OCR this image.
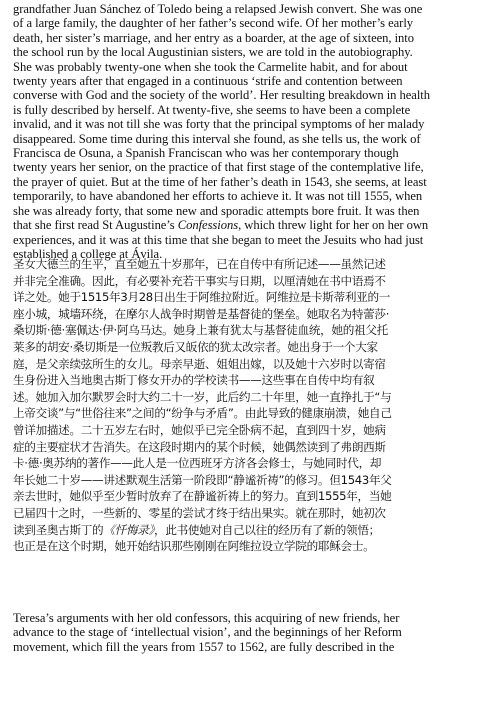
grandfather Juan Sánchez of Toledo being a relapsed Jewish convert. She was one
of a large family, the daughter of her father’s second wife. Of her mother’s early
death, her sister’s marriage, and her entry as a boarder, at the age of sixteen, into
the school run by the local Augustinian sisters, we are told in the autobiography.
She was probably twenty-one when she took the Carmelite habit, and for about
twenty years after that engaged in a continuous ‘strife and contention between
converse with God and the society of the world’. Her resulting breakdown in health
is fully described by herself. At twenty-five, she seems to have been a complete
invalid, and it was not till she was forty that the principal symptoms of her malady
disappeared. Some time during this interval she found, as she tells us, the work of
Francisca de Osuna, a Spanish Franciscan who was her contemporary though
twenty years her senior, on the practice of that first stage of the contemplative life,
the prayer of quiet. But at the time of her father’s death in 1543, she seems, at least
temporarily, to have abandoned her efforts to achieve it. It was not till 1555, when
she was already forty, that some new and sporadic attempts bore fruit. It was then
that she first read St Augustine’s Confessions, which threw light for her on her own
experiences, and it was at this time that she began to meet the Jesuits who had just
established a college at Ávila.

圣女大德兰的生平，直至她五十岁那年，已在自传中有所记述——虽然记述
并非完全准确。因此，有必要补充若干事实与日期，以厘清她在书中语焉不
详之处。她于1515年3月28日出生于阿维拉附近。阿维拉是卡斯蒂利亚的一
座小城，城墙环绕，在摩尔人战争时期曾是基督徒的堡垒。她取名为特蕾莎·
桑切斯·德·塞佩达·伊·阿乌马达。她身上兼有犹太与基督徒血统，她的祖父托
莱多的胡安·桑切斯是一位叛教后又皈依的犹太改宗者。她出身于一个大家
庭，是父亲续弦所生的女儿。母亲早逝、姐姐出嫁，以及她十六岁时以寄宿
生身份进入当地奥古斯丁修女开办的学校读书——这些事在自传中均有叙
述。她加入加尔默罗会时大约二十一岁，此后约二十年里，她一直挣扎于“与
上帝交谈”与“世俗往来”之间的“纷争与矛盾”。由此导致的健康崩溃，她自己
曾详加描述。二十五岁左右时，她似乎已完全卧病不起，直到四十岁，她病
症的主要症状才告消失。在这段时期内的某个时候，她偶然读到了弗朗西斯
卡·德·奥苏纳的著作——此人是一位西班牙方济各会修士，与她同时代，却
年长她二十岁——讲述默观生活第一阶段即“静谧祈祷”的修习。但1543年父
亲去世时，她似乎至少暂时放弃了在静谧祈祷上的努力。直到1555年，当她
已届四十之时，一些新的、零星的尝试才终于结出果实。就在那时，她初次
读到圣奥古斯丁的《忏悔录》，此书使她对自己以往的经历有了新的领悟；
也正是在这个时期，她开始结识那些刚刚在阿维拉设立学院的耶稣会士。

Teresa’s arguments with her old confessors, this acquiring of new friends, her
advance to the stage of ‘intellectual vision’, and the beginnings of her Reform
movement, which fill the years from 1557 to 1562, are fully described in the
